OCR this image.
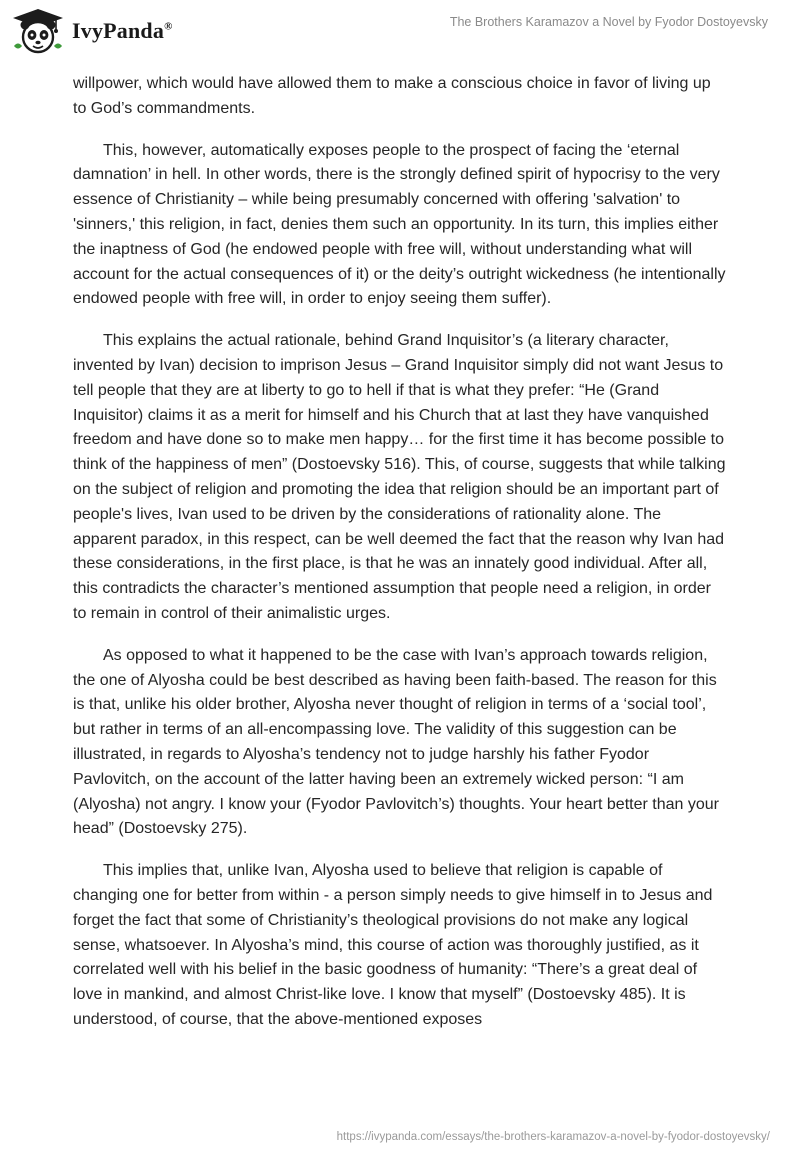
IvyPanda®	The Brothers Karamazov a Novel by Fyodor Dostoyevsky

willpower, which would have allowed them to make a conscious choice in favor of living up to God’s commandments.

This, however, automatically exposes people to the prospect of facing the ‘eternal damnation’ in hell. In other words, there is the strongly defined spirit of hypocrisy to the very essence of Christianity – while being presumably concerned with offering 'salvation' to 'sinners,' this religion, in fact, denies them such an opportunity. In its turn, this implies either the inaptness of God (he endowed people with free will, without understanding what will account for the actual consequences of it) or the deity’s outright wickedness (he intentionally endowed people with free will, in order to enjoy seeing them suffer).

This explains the actual rationale, behind Grand Inquisitor’s (a literary character, invented by Ivan) decision to imprison Jesus – Grand Inquisitor simply did not want Jesus to tell people that they are at liberty to go to hell if that is what they prefer: “He (Grand Inquisitor) claims it as a merit for himself and his Church that at last they have vanquished freedom and have done so to make men happy… for the first time it has become possible to think of the happiness of men” (Dostoevsky 516). This, of course, suggests that while talking on the subject of religion and promoting the idea that religion should be an important part of people's lives, Ivan used to be driven by the considerations of rationality alone. The apparent paradox, in this respect, can be well deemed the fact that the reason why Ivan had these considerations, in the first place, is that he was an innately good individual. After all, this contradicts the character’s mentioned assumption that people need a religion, in order to remain in control of their animalistic urges.

As opposed to what it happened to be the case with Ivan’s approach towards religion, the one of Alyosha could be best described as having been faith-based. The reason for this is that, unlike his older brother, Alyosha never thought of religion in terms of a ‘social tool’, but rather in terms of an all-encompassing love. The validity of this suggestion can be illustrated, in regards to Alyosha’s tendency not to judge harshly his father Fyodor Pavlovitch, on the account of the latter having been an extremely wicked person: “I am (Alyosha) not angry. I know your (Fyodor Pavlovitch’s) thoughts. Your heart better than your head” (Dostoevsky 275).

This implies that, unlike Ivan, Alyosha used to believe that religion is capable of changing one for better from within - a person simply needs to give himself in to Jesus and forget the fact that some of Christianity’s theological provisions do not make any logical sense, whatsoever. In Alyosha’s mind, this course of action was thoroughly justified, as it correlated well with his belief in the basic goodness of humanity: “There’s a great deal of love in mankind, and almost Christ-like love. I know that myself” (Dostoevsky 485). It is understood, of course, that the above-mentioned exposes

https://ivypanda.com/essays/the-brothers-karamazov-a-novel-by-fyodor-dostoyevsky/
